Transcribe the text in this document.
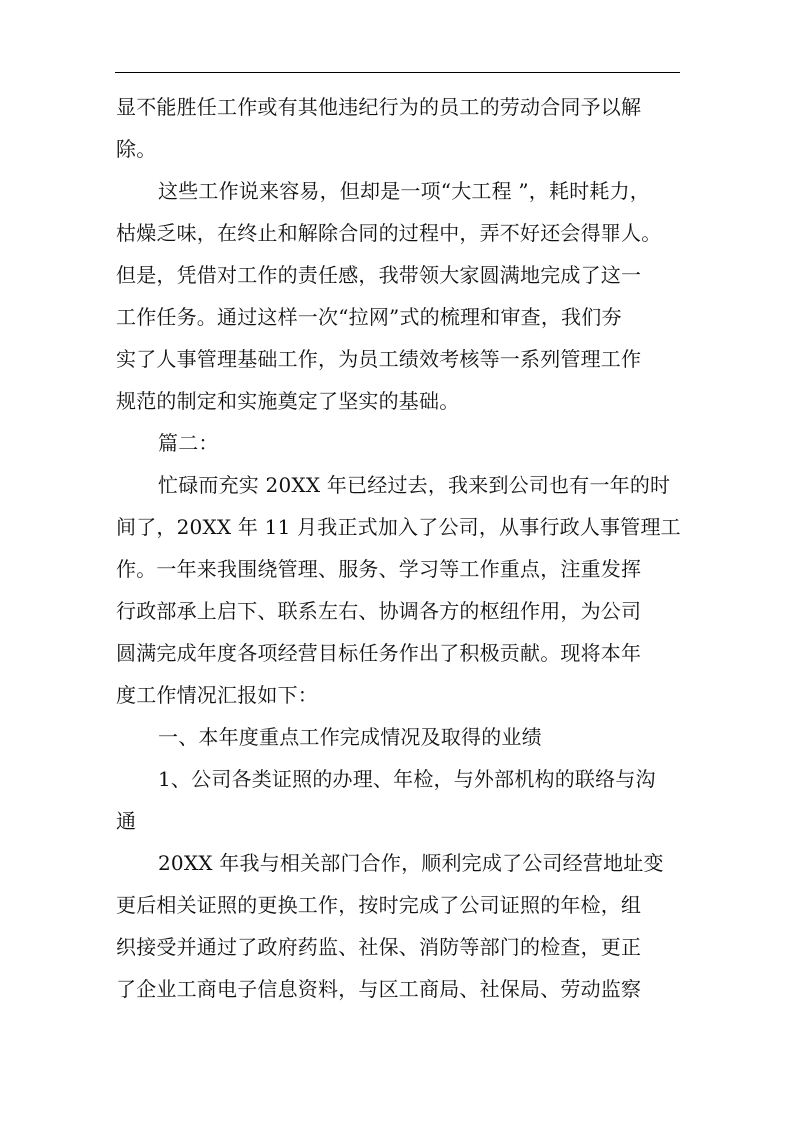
显不能胜任工作或有其他违纪行为的员工的劳动合同予以解
除。
这些工作说来容易，但却是一项“大工程 ”，耗时耗力，
枯燥乏味，在终止和解除合同的过程中，弄不好还会得罪人。
但是，凭借对工作的责任感，我带领大家圆满地完成了这一
工作任务。通过这样一次“拉网”式的梳理和审查，我们夯
实了人事管理基础工作，为员工绩效考核等一系列管理工作
规范的制定和实施奠定了坚实的基础。
篇二：
忙碌而充实 20XX 年已经过去，我来到公司也有一年的时
间了，20XX 年 11 月我正式加入了公司，从事行政人事管理工
作。一年来我围绕管理、服务、学习等工作重点，注重发挥
行政部承上启下、联系左右、协调各方的枢纽作用，为公司
圆满完成年度各项经营目标任务作出了积极贡献。现将本年
度工作情况汇报如下：
一、本年度重点工作完成情况及取得的业绩
1、公司各类证照的办理、年检，与外部机构的联络与沟
通
20XX 年我与相关部门合作，顺利完成了公司经营地址变
更后相关证照的更换工作，按时完成了公司证照的年检，组
织接受并通过了政府药监、社保、消防等部门的检查，更正
了企业工商电子信息资料，与区工商局、社保局、劳动监察
